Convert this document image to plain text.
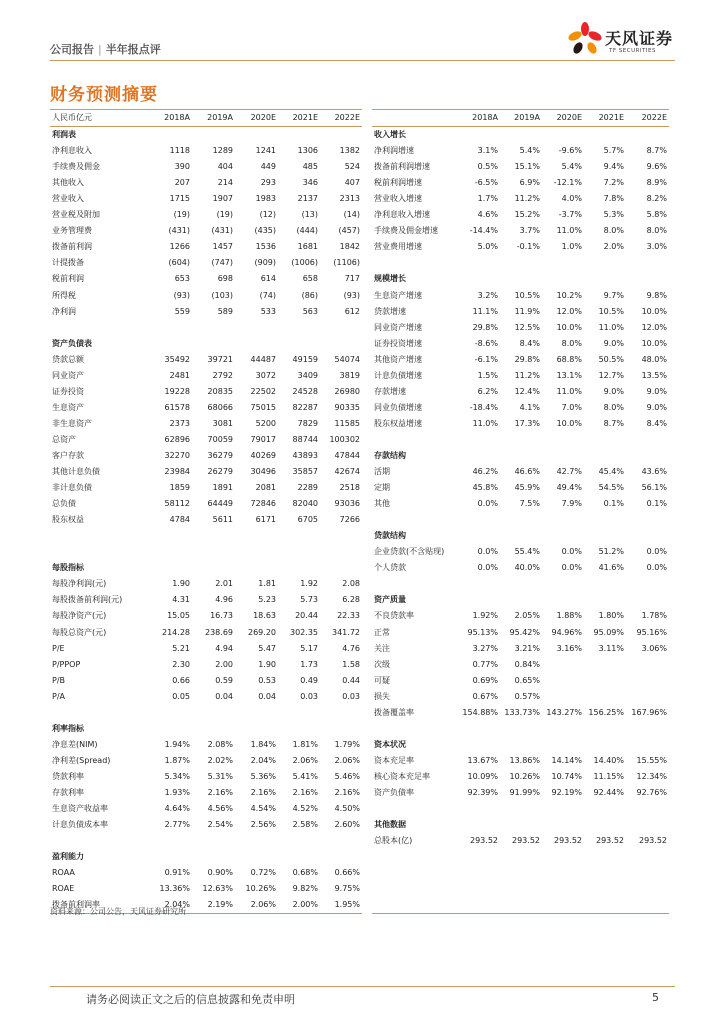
公司报告 | 半年报点评
天风证券
TF SECURITIES
财务预测摘要
人民币亿元	2018A	2019A	2020E	2021E	2022E
利润表					
净利息收入	1118	1289	1241	1306	1382
手续费及佣金	390	404	449	485	524
其他收入	207	214	293	346	407
营业收入	1715	1907	1983	2137	2313
营业税及附加	(19)	(19)	(12)	(13)	(14)
业务管理费	(431)	(431)	(435)	(444)	(457)
拨备前利润	1266	1457	1536	1681	1842
计提拨备	(604)	(747)	(909)	(1006)	(1106)
税前利润	653	698	614	658	717
所得税	(93)	(103)	(74)	(86)	(93)
净利润	559	589	533	563	612

资产负债表					
贷款总额	35492	39721	44487	49159	54074
同业资产	2481	2792	3072	3409	3819
证券投资	19228	20835	22502	24528	26980
生息资产	61578	68066	75015	82287	90335
非生息资产	2373	3081	5200	7829	11585
总资产	62896	70059	79017	88744	100302
客户存款	32270	36279	40269	43893	47844
其他计息负债	23984	26279	30496	35857	42674
非计息负债	1859	1891	2081	2289	2518
总负债	58112	64449	72846	82040	93036
股东权益	4784	5611	6171	6705	7266

每股指标					
每股净利润(元)	1.90	2.01	1.81	1.92	2.08
每股拨备前利润(元)	4.31	4.96	5.23	5.73	6.28
每股净资产(元)	15.05	16.73	18.63	20.44	22.33
每股总资产(元)	214.28	238.69	269.20	302.35	341.72
P/E	5.21	4.94	5.47	5.17	4.76
P/PPOP	2.30	2.00	1.90	1.73	1.58
P/B	0.66	0.59	0.53	0.49	0.44
P/A	0.05	0.04	0.04	0.03	0.03

利率指标					
净息差(NIM)	1.94%	2.08%	1.84%	1.81%	1.79%
净利差(Spread)	1.87%	2.02%	2.04%	2.06%	2.06%
贷款利率	5.34%	5.31%	5.36%	5.41%	5.46%
存款利率	1.93%	2.16%	2.16%	2.16%	2.16%
生息资产收益率	4.64%	4.56%	4.54%	4.52%	4.50%
计息负债成本率	2.77%	2.54%	2.56%	2.58%	2.60%

盈利能力					
ROAA	0.91%	0.90%	0.72%	0.68%	0.66%
ROAE	13.36%	12.63%	10.26%	9.82%	9.75%
拨备前利润率	2.04%	2.19%	2.06%	2.00%	1.95%
	2018A	2019A	2020E	2021E	2022E
收入增长					
净利润增速	3.1%	5.4%	-9.6%	5.7%	8.7%
拨备前利润增速	0.5%	15.1%	5.4%	9.4%	9.6%
税前利润增速	-6.5%	6.9%	-12.1%	7.2%	8.9%
营业收入增速	1.7%	11.2%	4.0%	7.8%	8.2%
净利息收入增速	4.6%	15.2%	-3.7%	5.3%	5.8%
手续费及佣金增速	-14.4%	3.7%	11.0%	8.0%	8.0%
营业费用增速	5.0%	-0.1%	1.0%	2.0%	3.0%

规模增长					
生息资产增速	3.2%	10.5%	10.2%	9.7%	9.8%
贷款增速	11.1%	11.9%	12.0%	10.5%	10.0%
同业资产增速	29.8%	12.5%	10.0%	11.0%	12.0%
证券投资增速	-8.6%	8.4%	8.0%	9.0%	10.0%
其他资产增速	-6.1%	29.8%	68.8%	50.5%	48.0%
计息负债增速	1.5%	11.2%	13.1%	12.7%	13.5%
存款增速	6.2%	12.4%	11.0%	9.0%	9.0%
同业负债增速	-18.4%	4.1%	7.0%	8.0%	9.0%
股东权益增速	11.0%	17.3%	10.0%	8.7%	8.4%

存款结构					
活期	46.2%	46.6%	42.7%	45.4%	43.6%
定期	45.8%	45.9%	49.4%	54.5%	56.1%
其他	0.0%	7.5%	7.9%	0.1%	0.1%

贷款结构					
企业贷款(不含贴现)	0.0%	55.4%	0.0%	51.2%	0.0%
个人贷款	0.0%	40.0%	0.0%	41.6%	0.0%

资产质量					
不良贷款率	1.92%	2.05%	1.88%	1.80%	1.78%
正常	95.13%	95.42%	94.96%	95.09%	95.16%
关注	3.27%	3.21%	3.16%	3.11%	3.06%
次级	0.77%	0.84%			
可疑	0.69%	0.65%			
损失	0.67%	0.57%			
拨备覆盖率	154.88%	133.73%	143.27%	156.25%	167.96%

资本状况					
资本充足率	13.67%	13.86%	14.14%	14.40%	15.55%
核心资本充足率	10.09%	10.26%	10.74%	11.15%	12.34%
资产负债率	92.39%	91.99%	92.19%	92.44%	92.76%

其他数据					
总股本(亿)	293.52	293.52	293.52	293.52	293.52

资料来源：公司公告，天风证券研究所
请务必阅读正文之后的信息披露和免责申明	5
